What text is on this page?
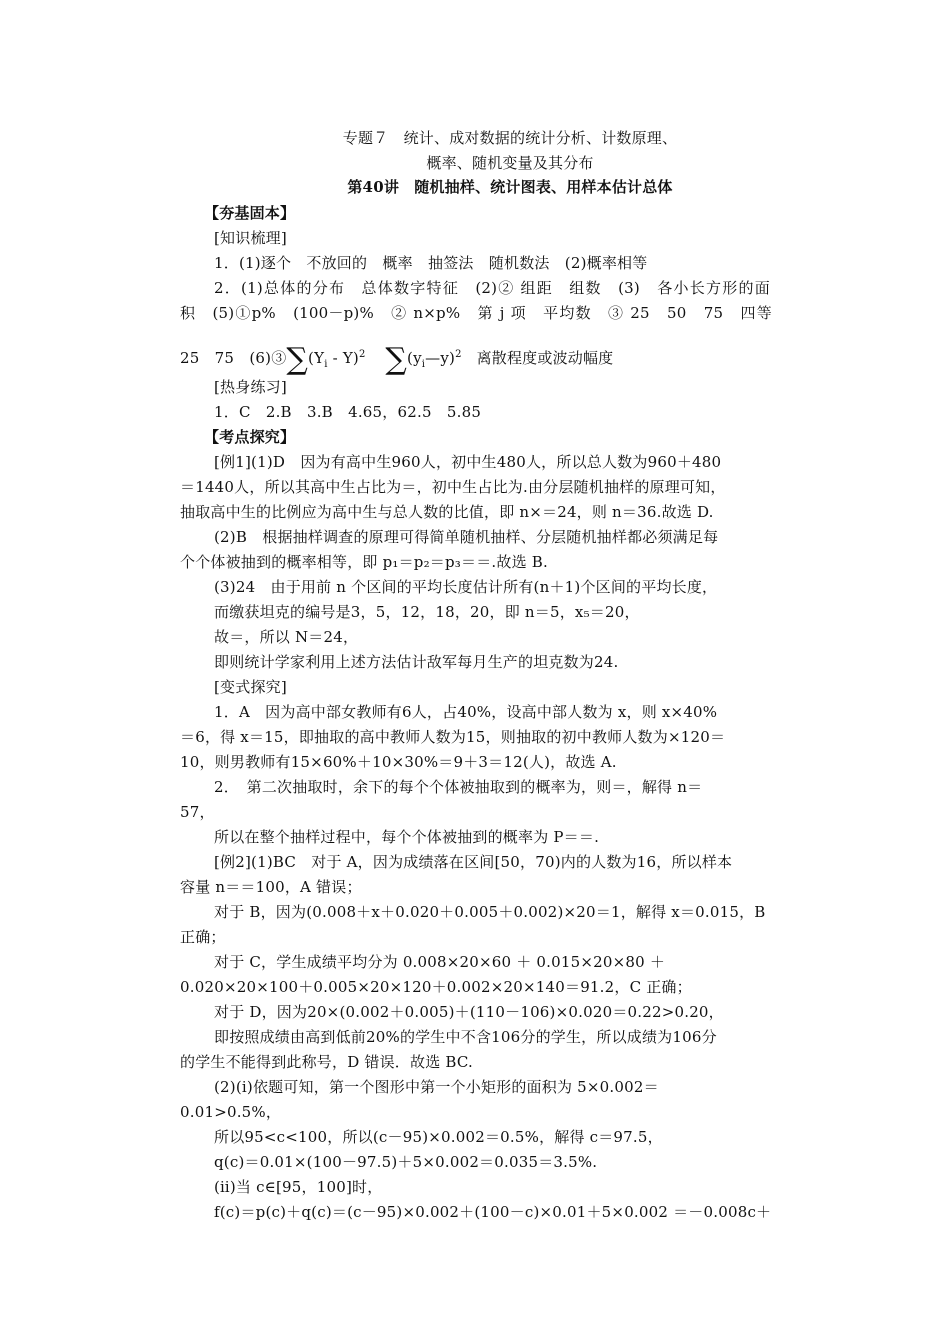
专题７　统计、成对数据的统计分析、计数原理、
概率、随机变量及其分布
第40讲　随机抽样、统计图表、用样本估计总体
【夯基固本】
[知识梳理]
1．(1)逐个　不放回的　概率　抽签法　随机数法　(2)概率相等
2．(1)总体的分布　总体数字特征　(2)② 组距　组数　(3)　各小长方形的面
积　(5)①p%　(100－p)%　② n×p%　第 j 项　平均数　③ 25　50　75　四等
25　75　$(6)③\sum(Y_i - Y)^2$ $\sum(y_i—y)^2$ 离散程度或波动幅度
[热身练习]
1．C　2.B　3.B　4.65，62.5　5.85
【考点探究】
[例1](1)D　因为有高中生960人，初中生480人，所以总人数为960＋480
＝1440人，所以其高中生占比为＝，初中生占比为.由分层随机抽样的原理可知，
抽取高中生的比例应为高中生与总人数的比值，即 n×＝24，则 n＝36.故选 D.
(2)B　根据抽样调查的原理可得简单随机抽样、分层随机抽样都必须满足每
个个体被抽到的概率相等，即 p₁＝p₂＝p₃＝＝.故选 B.
(3)24　由于用前 n 个区间的平均长度估计所有(n＋1)个区间的平均长度，
而缴获坦克的编号是3，5，12，18，20，即 n＝5，x₅＝20，
故＝，所以 N＝24，
即则统计学家利用上述方法估计敌军每月生产的坦克数为24.
[变式探究]
1．A　因为高中部女教师有6人，占40%，设高中部人数为 x，则 x×40%
＝6，得 x＝15，即抽取的高中教师人数为15，则抽取的初中教师人数为×120＝
10，则男教师有15×60%＋10×30%＝9＋3＝12(人)，故选 A.
2．　第二次抽取时，余下的每个个体被抽取到的概率为，则＝，解得 n＝
57，
所以在整个抽样过程中，每个个体被抽到的概率为 P＝＝.
[例2](1)BC　对于 A，因为成绩落在区间[50，70)内的人数为16，所以样本
容量 n＝＝100，A 错误；
对于 B，因为(0.008＋x＋0.020＋0.005＋0.002)×20＝1，解得 x＝0.015，B
正确；
对于 C，学生成绩平均分为 0.008×20×60 ＋ 0.015×20×80 ＋
0.020×20×100＋0.005×20×120＋0.002×20×140＝91.2，C 正确；
对于 D，因为20×(0.002＋0.005)＋(110－106)×0.020＝0.22>0.20，
即按照成绩由高到低前20%的学生中不含106分的学生，所以成绩为106分
的学生不能得到此称号，D 错误．故选 BC.
(2)(ⅰ)依题可知，第一个图形中第一个小矩形的面积为 5×0.002＝
0.01>0.5%，
所以95<c<100，所以(c－95)×0.002＝0.5%，解得 c＝97.5，
q(c)＝0.01×(100－97.5)＋5×0.002＝0.035＝3.5%.
(ⅱ)当 c∈[95，100]时，
f(c)＝p(c)＋q(c)＝(c－95)×0.002＋(100－c)×0.01＋5×0.002 ＝－0.008c＋
